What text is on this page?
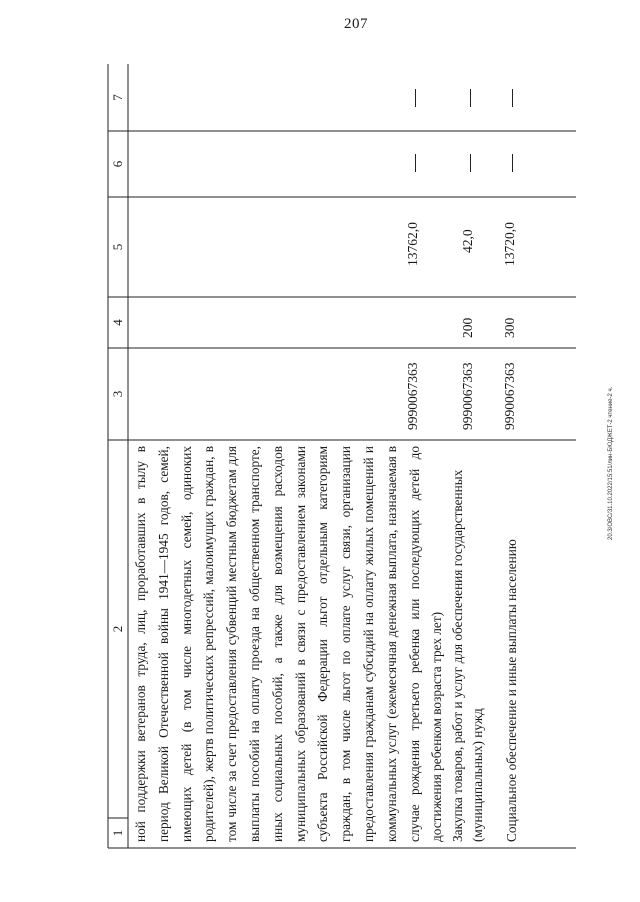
207
20.3/ОВС/31.10.2022/15:51/лин-БЮДЖЕТ-2 чтение-2 ч.
1
2
3
4
5
6
7
ной поддержки ветеранов труда, лиц, проработавших в тылу в период Великой Отечественной войны 1941—1945 годов, семей, имеющих детей (в том числе многодетных семей, одиноких родителей), жертв политических репрессий, малоимущих граждан, в том числе за счет предоставления субвенций местным бюджетам для выплаты пособий на оплату проезда на общественном транспорте, иных социальных пособий, а также для возмещения расходов муниципальных образований в связи с предоставлением законами субъекта Российской Федерации льгот отдельным категориям граждан, в том числе льгот по оплате услуг связи, организации предоставления гражданам субсидий на оплату жилых помещений и коммунальных услуг (ежемесячная денежная выплата, назначаемая в случае рождения третьего ребенка или последующих детей до достижения ребенком возраста трех лет)
9990067363
13762,0
Закупка товаров, работ и услуг для обеспечения государственных (муниципальных) нужд
9990067363
200
42,0
Социальное обеспечение и иные выплаты населению
9990067363
300
13720,0
